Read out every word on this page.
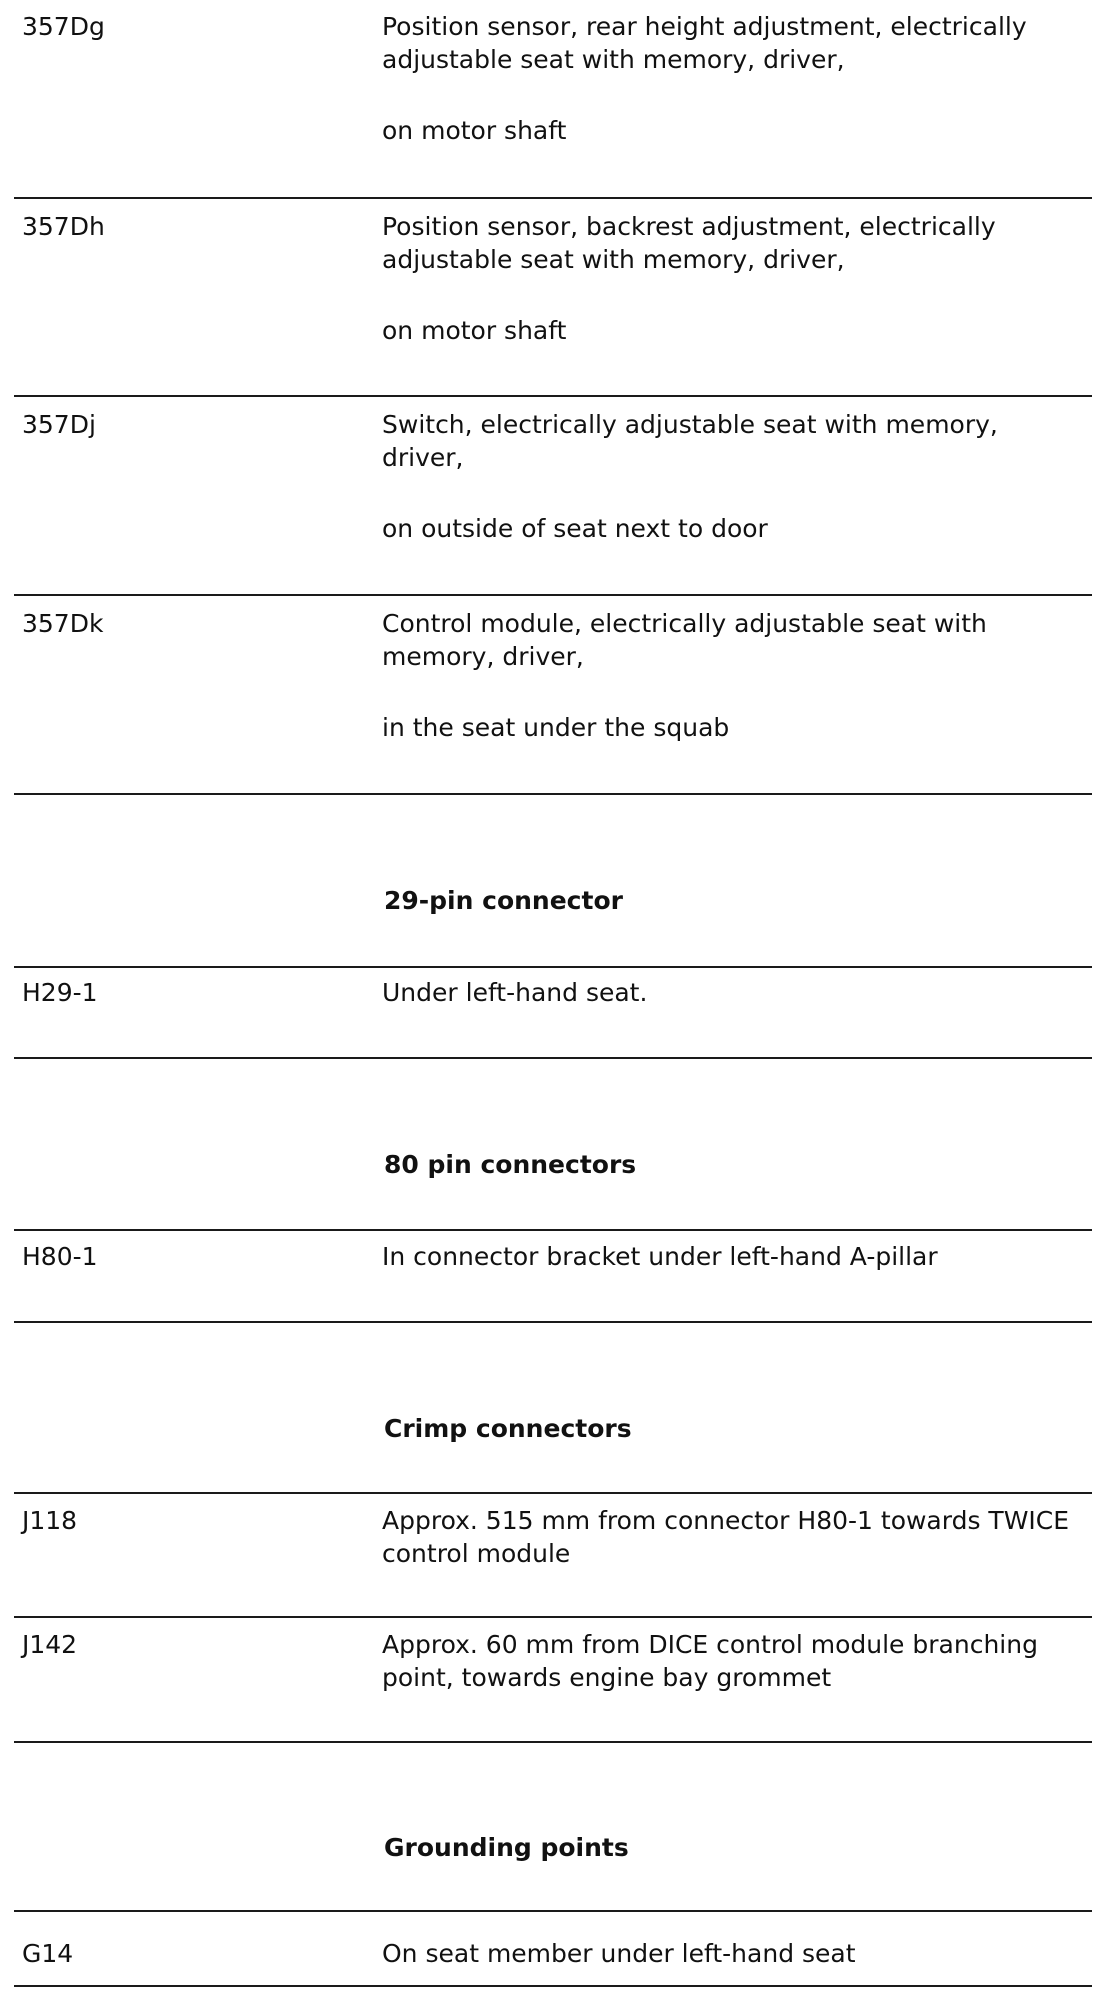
357Dg	Position sensor, rear height adjustment, electrically adjustable seat with memory, driver,
on motor shaft
357Dh	Position sensor, backrest adjustment, electrically adjustable seat with memory, driver,
on motor shaft
357Dj	Switch, electrically adjustable seat with memory, driver,
on outside of seat next to door
357Dk	Control module, electrically adjustable seat with memory, driver,
in the seat under the squab
29-pin connector
H29-1	Under left-hand seat.
80 pin connectors
H80-1	In connector bracket under left-hand A-pillar
Crimp connectors
J118	Approx. 515 mm from connector H80-1 towards TWICE control module
J142	Approx. 60 mm from DICE control module branching point, towards engine bay grommet
Grounding points
G14	On seat member under left-hand seat
